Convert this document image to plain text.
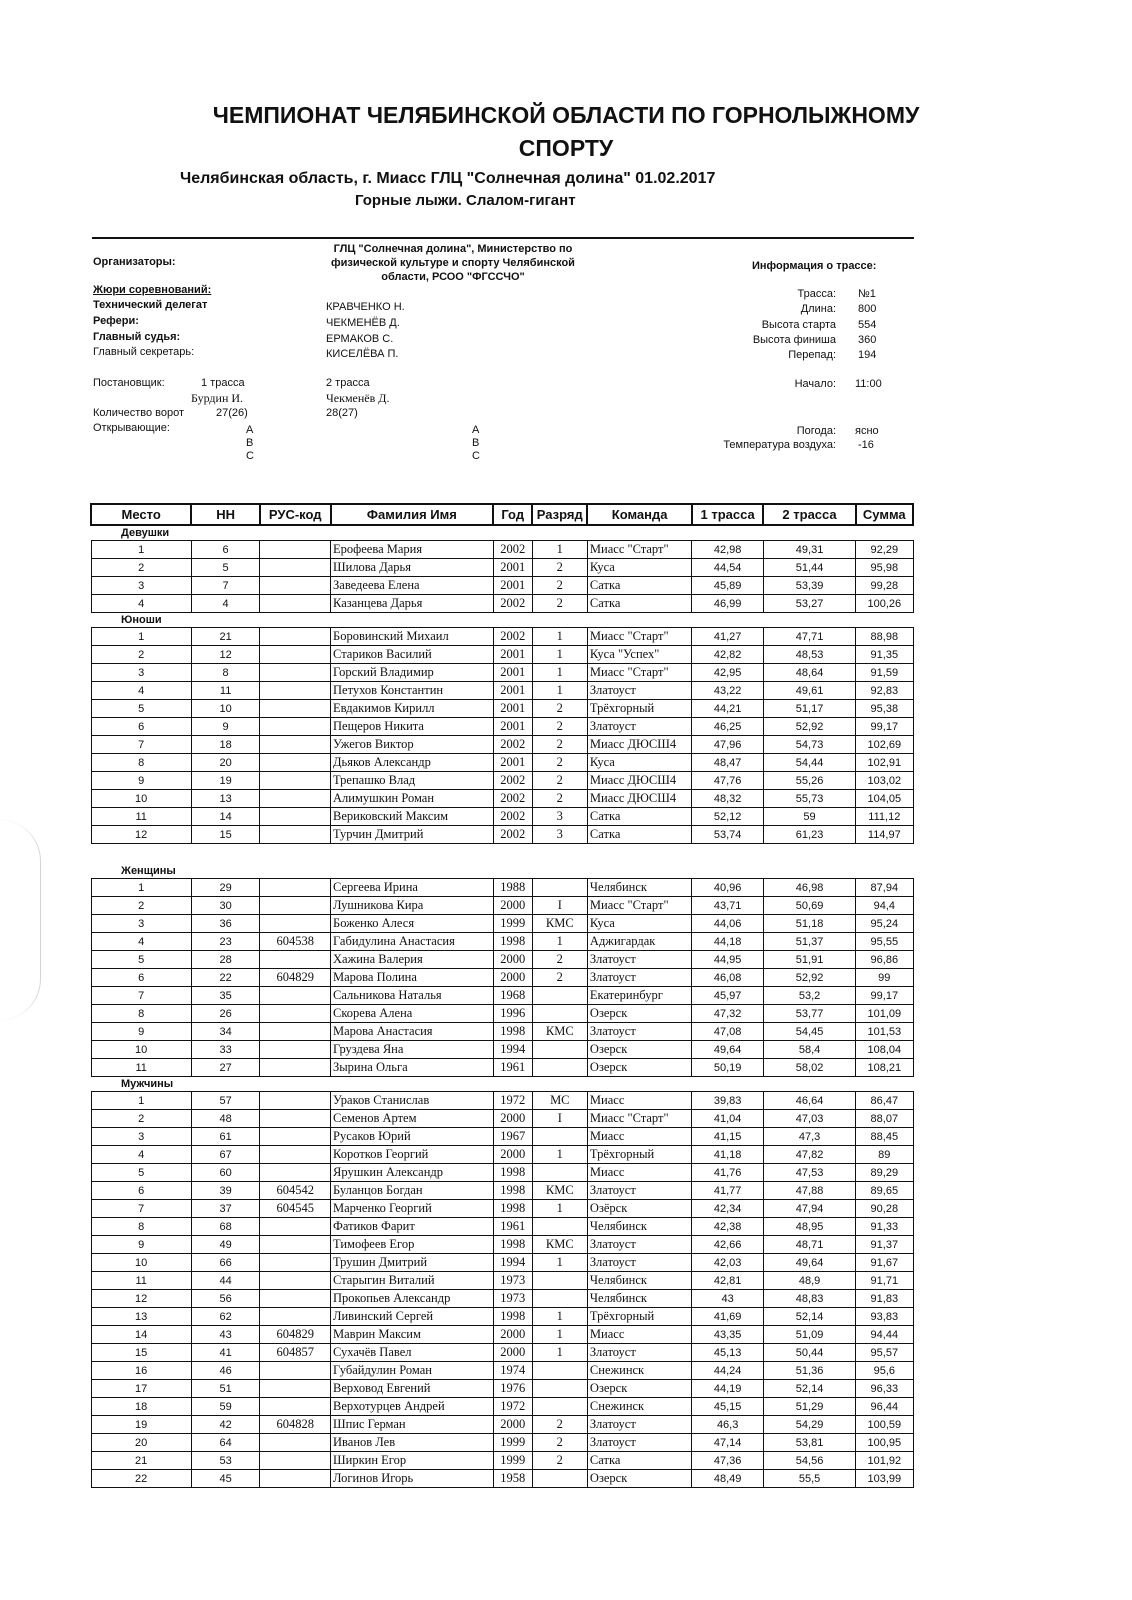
ЧЕМПИОНАТ ЧЕЛЯБИНСКОЙ ОБЛАСТИ ПО ГОРНОЛЫЖНОМУ
СПОРТУ
Челябинская область, г. Миасс ГЛЦ "Солнечная долина" 01.02.2017
Горные лыжи. Слалом-гигант
Организаторы:
ГЛЦ "Солнечная долина", Министерство по физической культуре и спорту Челябинской области, РСОО "ФГССЧО"
Информация о трассе:
Жюри соревнований:
Технический делегат	КРАВЧЕНКО Н.
Рефери:	ЧЕКМЕНЁВ Д.
Главный судья:	ЕРМАКОВ С.
Главный секретарь:	КИСЕЛЁВА П.
Трасса: №1
Длина: 800
Высота старта 554
Высота финиша 360
Перепад: 194
Постановщик:	1 трасса	2 трасса	Начало: 11:00
Бурдин И.	Чекменёв Д.
Количество ворот	27(26)	28(27)
Открывающие:	А
В
С
А
В
С
Погода: ясно
Температура воздуха: -16
Место	НН	РУС-код	Фамилия Имя	Год	Разряд	Команда	1 трасса	2 трасса	Сумма
Девушки									
1	6		Ерофеева Мария	2002	1	Миасс "Старт"	42,98	49,31	92,29
2	5		Шилова Дарья	2001	2	Куса	44,54	51,44	95,98
3	7		Заведеева Елена	2001	2	Сатка	45,89	53,39	99,28
4	4		Казанцева Дарья	2002	2	Сатка	46,99	53,27	100,26
Юноши									
1	21		Боровинский Михаил	2002	1	Миасс "Старт"	41,27	47,71	88,98
2	12		Стариков Василий	2001	1	Куса "Успех"	42,82	48,53	91,35
3	8		Горский Владимир	2001	1	Миасс "Старт"	42,95	48,64	91,59
4	11		Петухов Константин	2001	1	Златоуст	43,22	49,61	92,83
5	10		Евдакимов Кирилл	2001	2	Трёхгорный	44,21	51,17	95,38
6	9		Пещеров Никита	2001	2	Златоуст	46,25	52,92	99,17
7	18		Ужегов Виктор	2002	2	Миасс ДЮСШ4	47,96	54,73	102,69
8	20		Дьяков Александр	2001	2	Куса	48,47	54,44	102,91
9	19		Трепашко Влад	2002	2	Миасс ДЮСШ4	47,76	55,26	103,02
10	13		Алимушкин Роман	2002	2	Миасс ДЮСШ4	48,32	55,73	104,05
11	14		Вериковский Максим	2002	3	Сатка	52,12	59	111,12
12	15		Турчин Дмитрий	2002	3	Сатка	53,74	61,23	114,97

Женщины									
1	29		Сергеева Ирина	1988		Челябинск	40,96	46,98	87,94
2	30		Лушникова Кира	2000	I	Миасс "Старт"	43,71	50,69	94,4
3	36		Боженко Алеся	1999	КМС	Куса	44,06	51,18	95,24
4	23	604538	Габидулина Анастасия	1998	1	Аджигардак	44,18	51,37	95,55
5	28		Хажина Валерия	2000	2	Златоуст	44,95	51,91	96,86
6	22	604829	Марова Полина	2000	2	Златоуст	46,08	52,92	99
7	35		Сальникова Наталья	1968		Екатеринбург	45,97	53,2	99,17
8	26		Скорева Алена	1996		Озерск	47,32	53,77	101,09
9	34		Марова Анастасия	1998	КМС	Златоуст	47,08	54,45	101,53
10	33		Груздева Яна	1994		Озерск	49,64	58,4	108,04
11	27		Зырина Ольга	1961		Озерск	50,19	58,02	108,21
Мужчины									
1	57		Ураков Станислав	1972	МС	Миасс	39,83	46,64	86,47
2	48		Семенов Артем	2000	I	Миасс "Старт"	41,04	47,03	88,07
3	61		Русаков Юрий	1967		Миасс	41,15	47,3	88,45
4	67		Коротков Георгий	2000	1	Трёхгорный	41,18	47,82	89
5	60		Ярушкин Александр	1998		Миасс	41,76	47,53	89,29
6	39	604542	Буланцов Богдан	1998	КМС	Златоуст	41,77	47,88	89,65
7	37	604545	Марченко Георгий	1998	1	Озёрск	42,34	47,94	90,28
8	68		Фатиков Фарит	1961		Челябинск	42,38	48,95	91,33
9	49		Тимофеев Егор	1998	КМС	Златоуст	42,66	48,71	91,37
10	66		Трушин Дмитрий	1994	1	Златоуст	42,03	49,64	91,67
11	44		Старыгин Виталий	1973		Челябинск	42,81	48,9	91,71
12	56		Прокопьев Александр	1973		Челябинск	43	48,83	91,83
13	62		Ливинский Сергей	1998	1	Трёхгорный	41,69	52,14	93,83
14	43	604829	Маврин Максим	2000	1	Миасс	43,35	51,09	94,44
15	41	604857	Сухачёв Павел	2000	1	Златоуст	45,13	50,44	95,57
16	46		Губайдулин Роман	1974		Снежинск	44,24	51,36	95,6
17	51		Верховод Евгений	1976		Озерск	44,19	52,14	96,33
18	59		Верхотурцев Андрей	1972		Снежинск	45,15	51,29	96,44
19	42	604828	Шпис Герман	2000	2	Златоуст	46,3	54,29	100,59
20	64		Иванов Лев	1999	2	Златоуст	47,14	53,81	100,95
21	53		Ширкин Егор	1999	2	Сатка	47,36	54,56	101,92
22	45		Логинов Игорь	1958		Озерск	48,49	55,5	103,99
